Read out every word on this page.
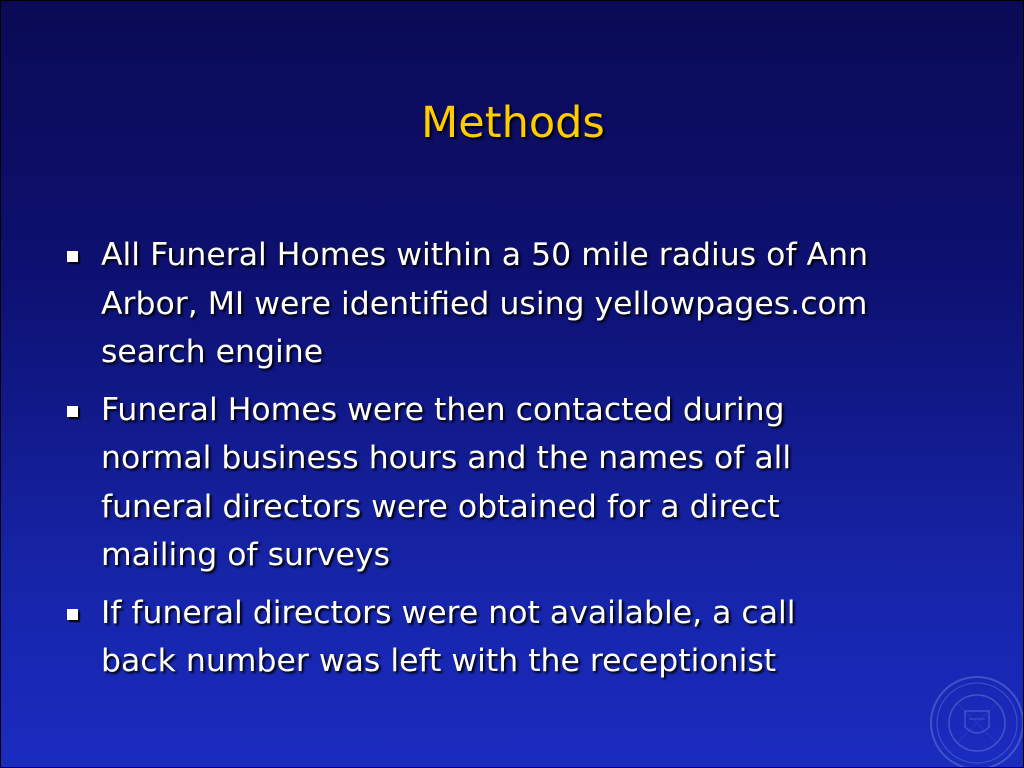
Methods
All Funeral Homes within a 50 mile radius of Ann
Arbor, MI were identified using yellowpages.com
search engine
Funeral Homes were then contacted during
normal business hours and the names of all
funeral directors were obtained for a direct
mailing of surveys
If funeral directors were not available, a call
back number was left with the receptionist
